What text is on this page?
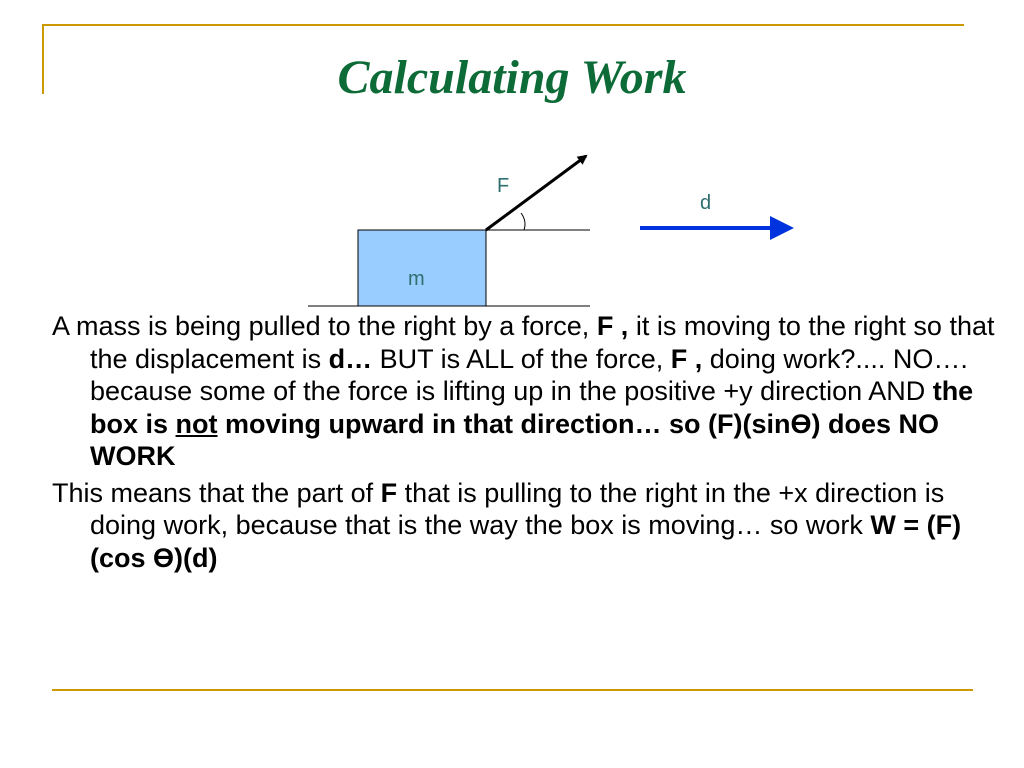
Calculating Work
F
m
d

A mass is being pulled to the right by a force, F , it is moving to the right so that the displacement is d… BUT is ALL of the force, F , doing work?.... NO…. because some of the force is lifting up in the positive +y direction AND the box is not moving upward in that direction… so (F)(sinϴ) does NO WORK

This means that the part of F that is pulling to the right in the +x direction is doing work, because that is the way the box is moving… so work W = (F)(cos ϴ)(d)
